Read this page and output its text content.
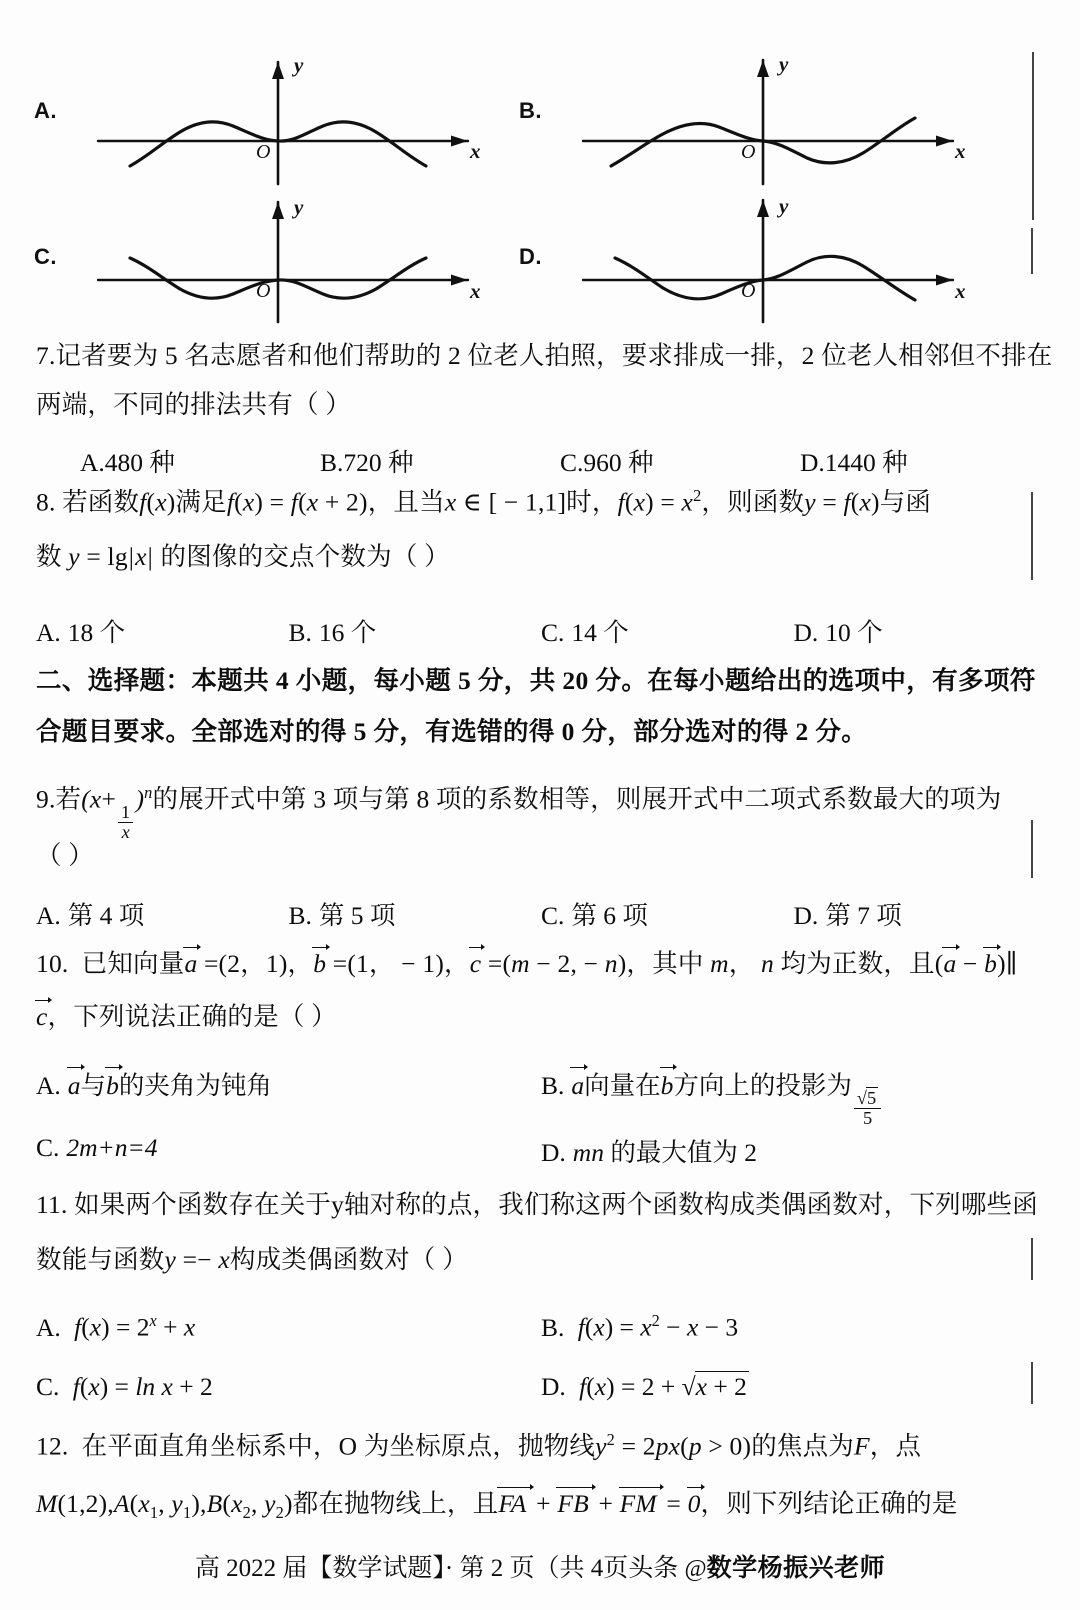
A.
y
x
O
B.
y
x
O
C.
y
x
O
D.
y
x
O
7.记者要为 5 名志愿者和他们帮助的 2 位老人拍照，要求排成一排，2 位老人相邻但不排在
两端，不同的排法共有（ ）
A.480 种	B.720 种	C.960 种	D.1440 种
8. 若函数f(x)满足f(x) = f(x + 2)，且当x ∈ [ − 1,1]时，$f(x) = x^2$，则函数y = f(x)与函
数 y = lg|x| 的图像的交点个数为（ ）
A. 18 个	B. 16 个	C. 14 个	D. 10 个
二、选择题：本题共 4 小题，每小题 5 分，共 20 分。在每小题给出的选项中，有多项符
合题目要求。全部选对的得 5 分，有选错的得 0 分，部分选对的得 2 分。
9.若(x+
$\frac{1}{x}$
)$^n$的展开式中第 3 项与第 8 项的系数相等，则展开式中二项式系数最大的项为
（ ）
A. 第 4 项	B. 第 5 项	C. 第 6 项	D. 第 7 项
10.  已知向量a =(2，1)，b =(1， − 1)，c =(m − 2, − n)，其中 m， n 均为正数，且(a − b)∥
c，下列说法正确的是（ ）
A. a与b的夹角为钝角	B. a向量在b方向上的投影为
$\frac{√5}{5}$
C. 2m+n=4	D. mn 的最大值为 2
11. 如果两个函数存在关于y轴对称的点，我们称这两个函数构成类偶函数对，下列哪些函
数能与函数y =− x构成类偶函数对（ ）
A. $f(x) = 2^x + x$	B. $f(x) = x^2 - x - 3$
C. f(x) = ln x + 2	D. f(x) = 2 + √x + 2
12.  在平面直角坐标系中，O 为坐标原点，抛物线$y^2 = 2px(p > 0)$的焦点为F，点
$M(1,2),A(x_1$, $y_1),B(x_2$, $y_2$)都在抛物线上，且FA + FB + FM = 0，则下列结论正确的是
高 2022 届【数学试题】· 第 2 页（共 4页头条 @数学杨振兴老师
